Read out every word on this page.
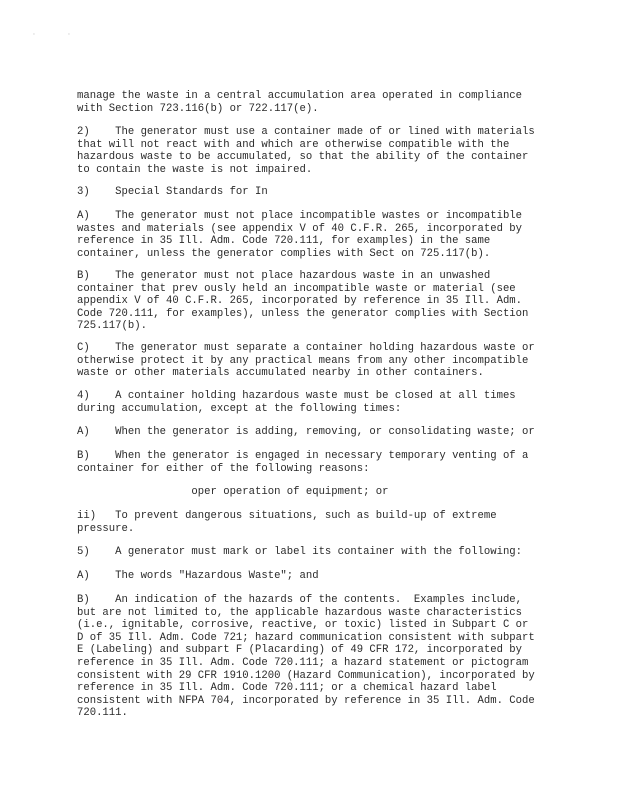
'	'

manage the waste in a central accumulation area operated in compliance
with Section 723.116(b) or 722.117(e).

2)    The generator must use a container made of or lined with materials
that will not react with and which are otherwise compatible with the
hazardous waste to be accumulated, so that the ability of the container
to contain the waste is not impaired.

3)    Special Standards for In

A)    The generator must not place incompatible wastes or incompatible
wastes and materials (see appendix V of 40 C.F.R. 265, incorporated by
reference in 35 Ill. Adm. Code 720.111, for examples) in the same
container, unless the generator complies with Sect on 725.117(b).

B)    The generator must not place hazardous waste in an unwashed
container that prev ously held an incompatible waste or material (see
appendix V of 40 C.F.R. 265, incorporated by reference in 35 Ill. Adm.
Code 720.111, for examples), unless the generator complies with Section
725.117(b).

C)    The generator must separate a container holding hazardous waste or
otherwise protect it by any practical means from any other incompatible
waste or other materials accumulated nearby in other containers.

4)    A container holding hazardous waste must be closed at all times
during accumulation, except at the following times:

A)    When the generator is adding, removing, or consolidating waste; or

B)    When the generator is engaged in necessary temporary venting of a
container for either of the following reasons:

oper operation of equipment; or

ii)   To prevent dangerous situations, such as build-up of extreme
pressure.

5)    A generator must mark or label its container with the following:

A)    The words "Hazardous Waste"; and

B)    An indication of the hazards of the contents.  Examples include,
but are not limited to, the applicable hazardous waste characteristics
(i.e., ignitable, corrosive, reactive, or toxic) listed in Subpart C or
D of 35 Ill. Adm. Code 721; hazard communication consistent with subpart
E (Labeling) and subpart F (Placarding) of 49 CFR 172, incorporated by
reference in 35 Ill. Adm. Code 720.111; a hazard statement or pictogram
consistent with 29 CFR 1910.1200 (Hazard Communication), incorporated by
reference in 35 Ill. Adm. Code 720.111; or a chemical hazard label
consistent with NFPA 704, incorporated by reference in 35 Ill. Adm. Code
720.111.
